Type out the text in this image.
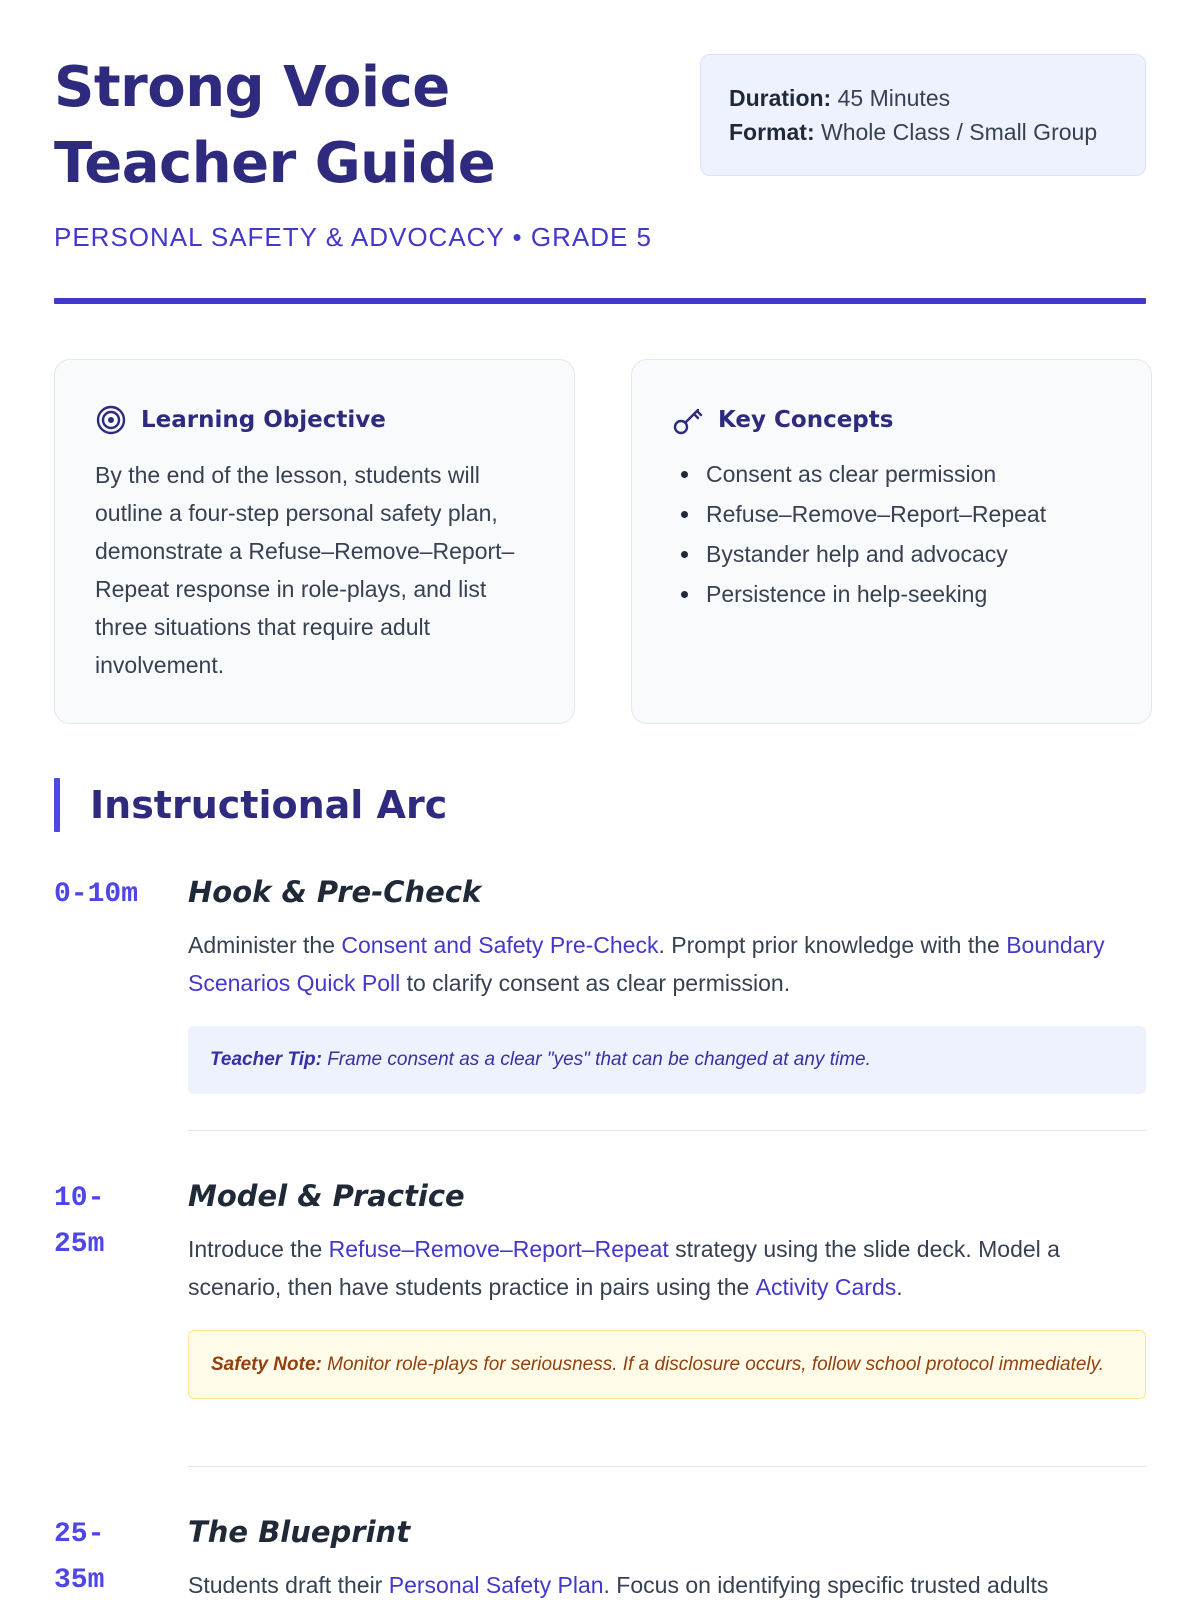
Strong Voice
Teacher Guide
PERSONAL SAFETY & ADVOCACY • GRADE 5
Duration: 45 Minutes
Format: Whole Class / Small Group
Learning Objective

By the end of the lesson, students will outline a four-step personal safety plan, demonstrate a Refuse–Remove–Report–Repeat response in role-plays, and list three situations that require adult involvement.

Key Concepts
Consent as clear permission
Refuse–Remove–Report–Repeat
Bystander help and advocacy
Persistence in help-seeking
Instructional Arc
0-10m	Hook & Pre-Check

Administer the Consent and Safety Pre-Check. Prompt prior knowledge with the Boundary Scenarios Quick Poll to clarify consent as clear permission.

Teacher Tip: Frame consent as a clear "yes" that can be changed at any time.
10-25m
Model & Practice

Introduce the Refuse–Remove–Report–Repeat strategy using the slide deck. Model a scenario, then have students practice in pairs using the Activity Cards.

Safety Note: Monitor role-plays for seriousness. If a disclosure occurs, follow school protocol immediately.
25-35m
The Blueprint

Students draft their Personal Safety Plan. Focus on identifying specific trusted adults
